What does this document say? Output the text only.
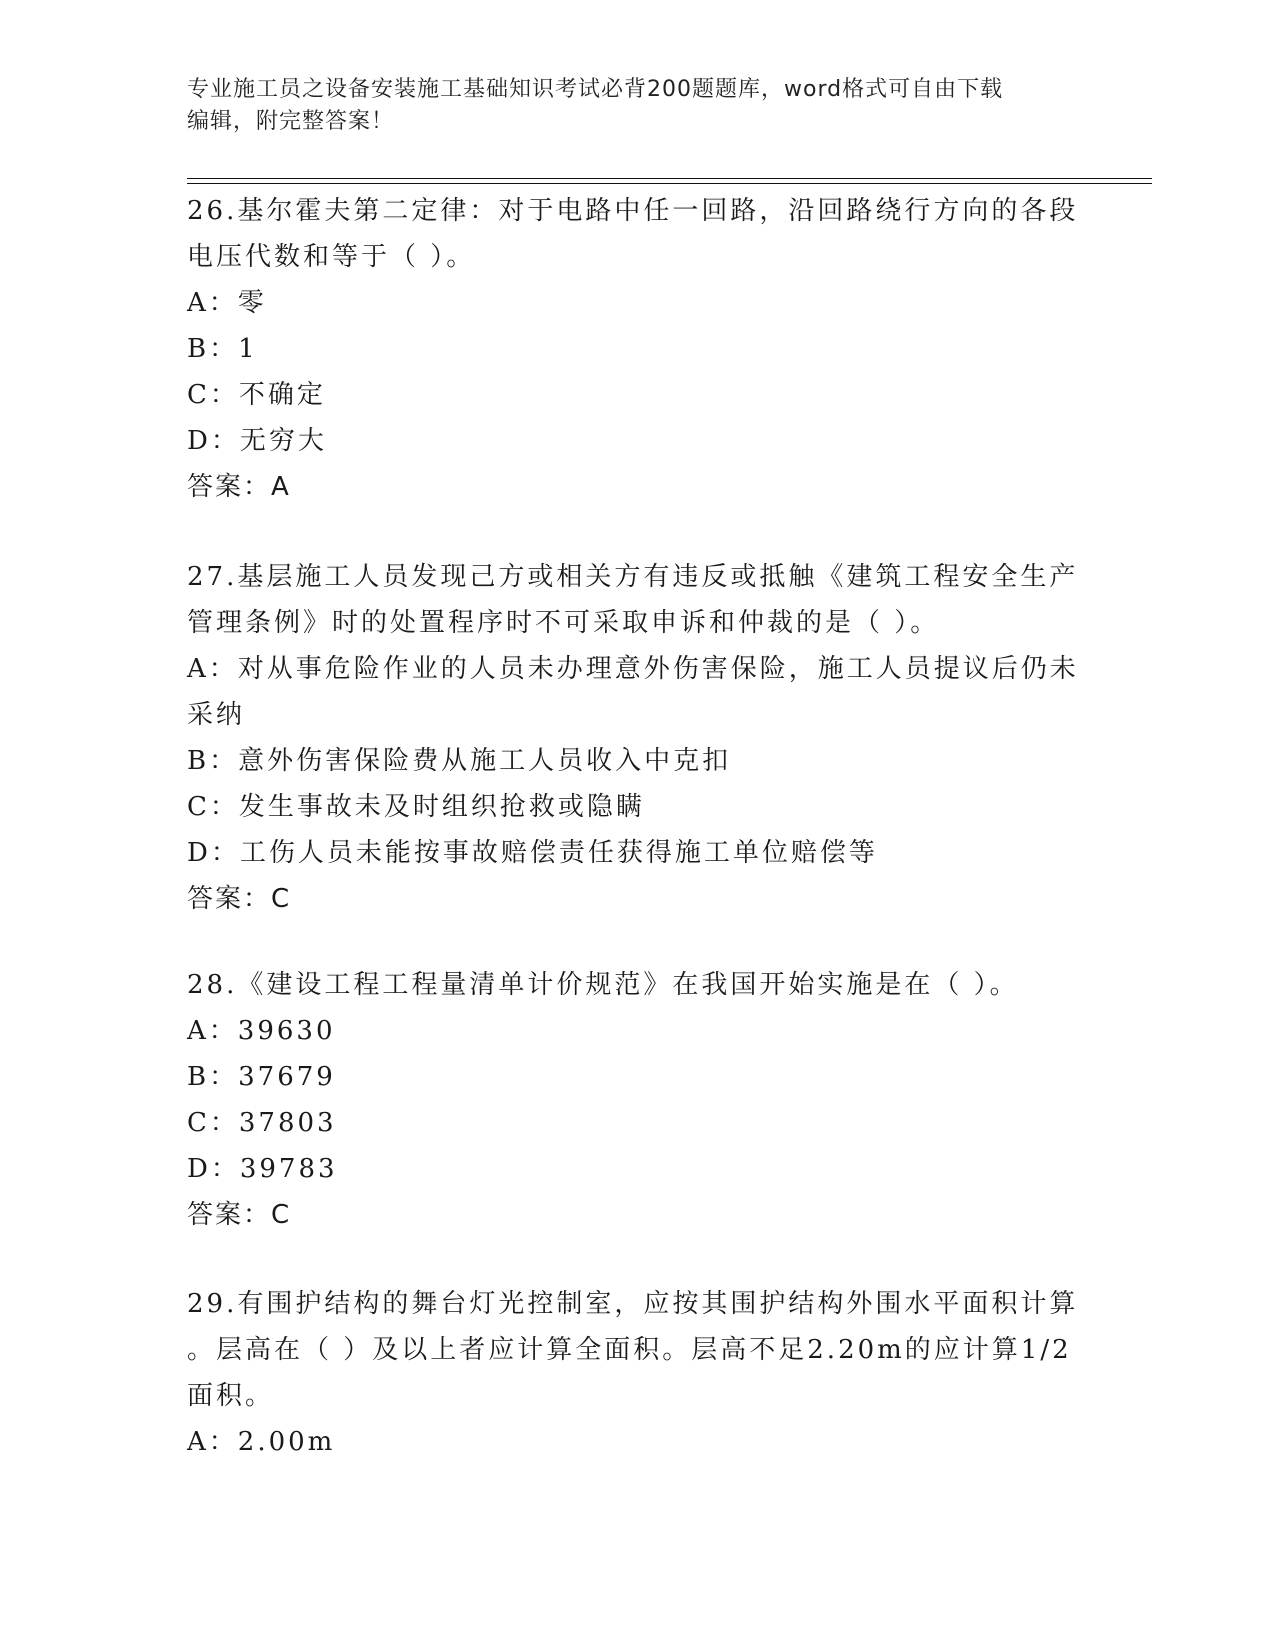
专业施工员之设备安装施工基础知识考试必背200题题库，word格式可自由下载
编辑，附完整答案！

26.基尔霍夫第二定律：对于电路中任一回路，沿回路绕行方向的各段

电压代数和等于（ ）。

A：零

B：1

C：不确定

D：无穷大

答案：A

27.基层施工人员发现己方或相关方有违反或抵触《建筑工程安全生产

管理条例》时的处置程序时不可采取申诉和仲裁的是（ ）。

A：对从事危险作业的人员未办理意外伤害保险，施工人员提议后仍未

采纳

B：意外伤害保险费从施工人员收入中克扣

C：发生事故未及时组织抢救或隐瞒

D：工伤人员未能按事故赔偿责任获得施工单位赔偿等

答案：C

28.《建设工程工程量清单计价规范》在我国开始实施是在（ ）。

A：39630

B：37679

C：37803

D：39783

答案：C

29.有围护结构的舞台灯光控制室，应按其围护结构外围水平面积计算

。层高在（ ）及以上者应计算全面积。层高不足2.20m的应计算1/2

面积。

A：2.00m
